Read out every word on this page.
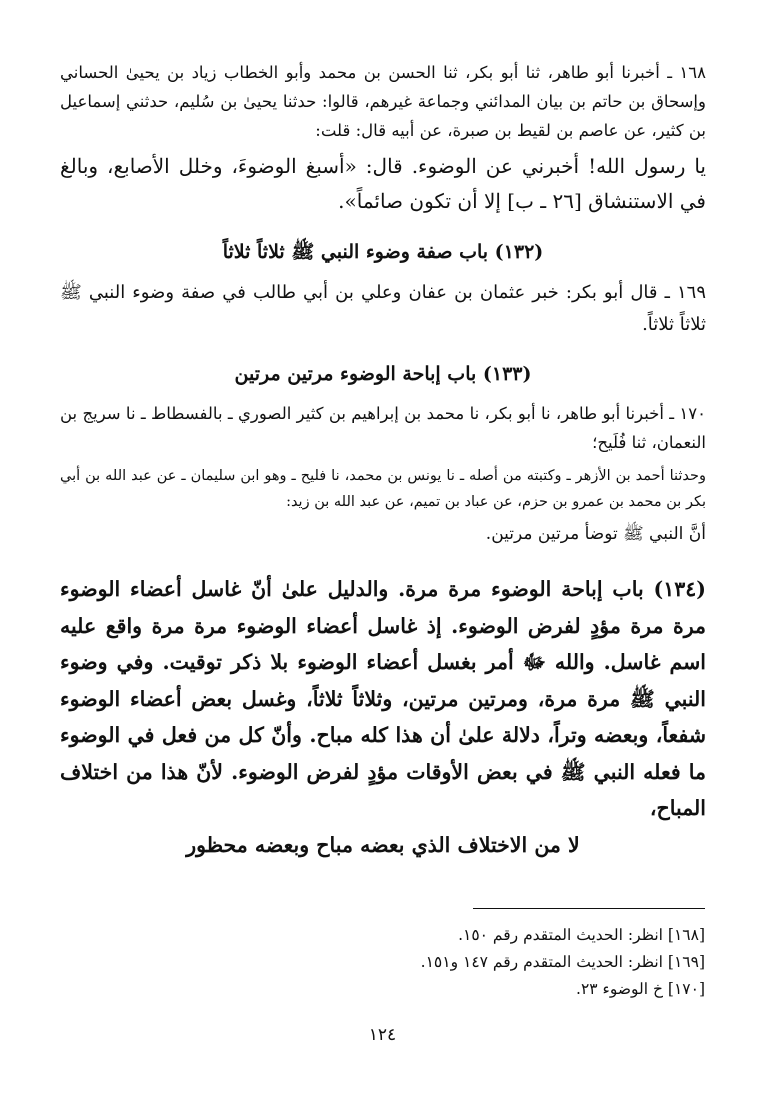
١٦٨ ـ أخبرنا أبو طاهر، ثنا أبو بكر، ثنا الحسن بن محمد وأبو الخطاب زياد بن يحيىٰ الحساني وإسحاق بن حاتم بن بيان المدائني وجماعة غيرهم، قالوا: حدثنا يحيىٰ بن سُليم، حدثني إسماعيل بن كثير، عن عاصم بن لقيط بن صبرة، عن أبيه قال: قلت:

يا رسول الله! أخبرني عن الوضوء. قال: «أسبغ الوضوءَ، وخلل الأصابع، وبالغ في الاستنشاق [٢٦ ـ ب] إلا أن تكون صائماً».

(١٣٢) باب صفة وضوء النبي ﷺ ثلاثاً ثلاثاً

١٦٩ ـ قال أبو بكر: خبر عثمان بن عفان وعلي بن أبي طالب في صفة وضوء النبي ﷺ ثلاثاً ثلاثاً.

(١٣٣) باب إباحة الوضوء مرتين مرتين

١٧٠ ـ أخبرنا أبو طاهر، نا أبو بكر، نا محمد بن إبراهيم بن كثير الصوري ـ بالفسطاط ـ نا سريج بن النعمان، ثنا فُلَيح؛

وحدثنا أحمد بن الأزهر ـ وكتبته من أصله ـ نا يونس بن محمد، نا فليح ـ وهو ابن سليمان ـ عن عبد الله بن أبي بكر بن محمد بن عمرو بن حزم، عن عباد بن تميم، عن عبد الله بن زيد:

أنَّ النبي ﷺ توضأ مرتين مرتين.

(١٣٤) باب إباحة الوضوء مرة مرة. والدليل علىٰ أنّ غاسل أعضاء الوضوء مرة مرة مؤدٍ لفرض الوضوء. إذ غاسل أعضاء الوضوء مرة مرة واقع عليه اسم غاسل. والله ﷻ أمر بغسل أعضاء الوضوء بلا ذكر توقيت. وفي وضوء النبي ﷺ مرة مرة، ومرتين مرتين، وثلاثاً ثلاثاً، وغسل بعض أعضاء الوضوء شفعاً، وبعضه وتراً، دلالة علىٰ أن هذا كله مباح. وأنّ كل من فعل في الوضوء ما فعله النبي ﷺ في بعض الأوقات مؤدٍ لفرض الوضوء. لأنّ هذا من اختلاف المباح،
لا من الاختلاف الذي بعضه مباح وبعضه محظور
[١٦٨] انظر: الحديث المتقدم رقم ١٥٠.
[١٦٩] انظر: الحديث المتقدم رقم ١٤٧ و١٥١.
[١٧٠] خ الوضوء ٢٣.
١٢٤
